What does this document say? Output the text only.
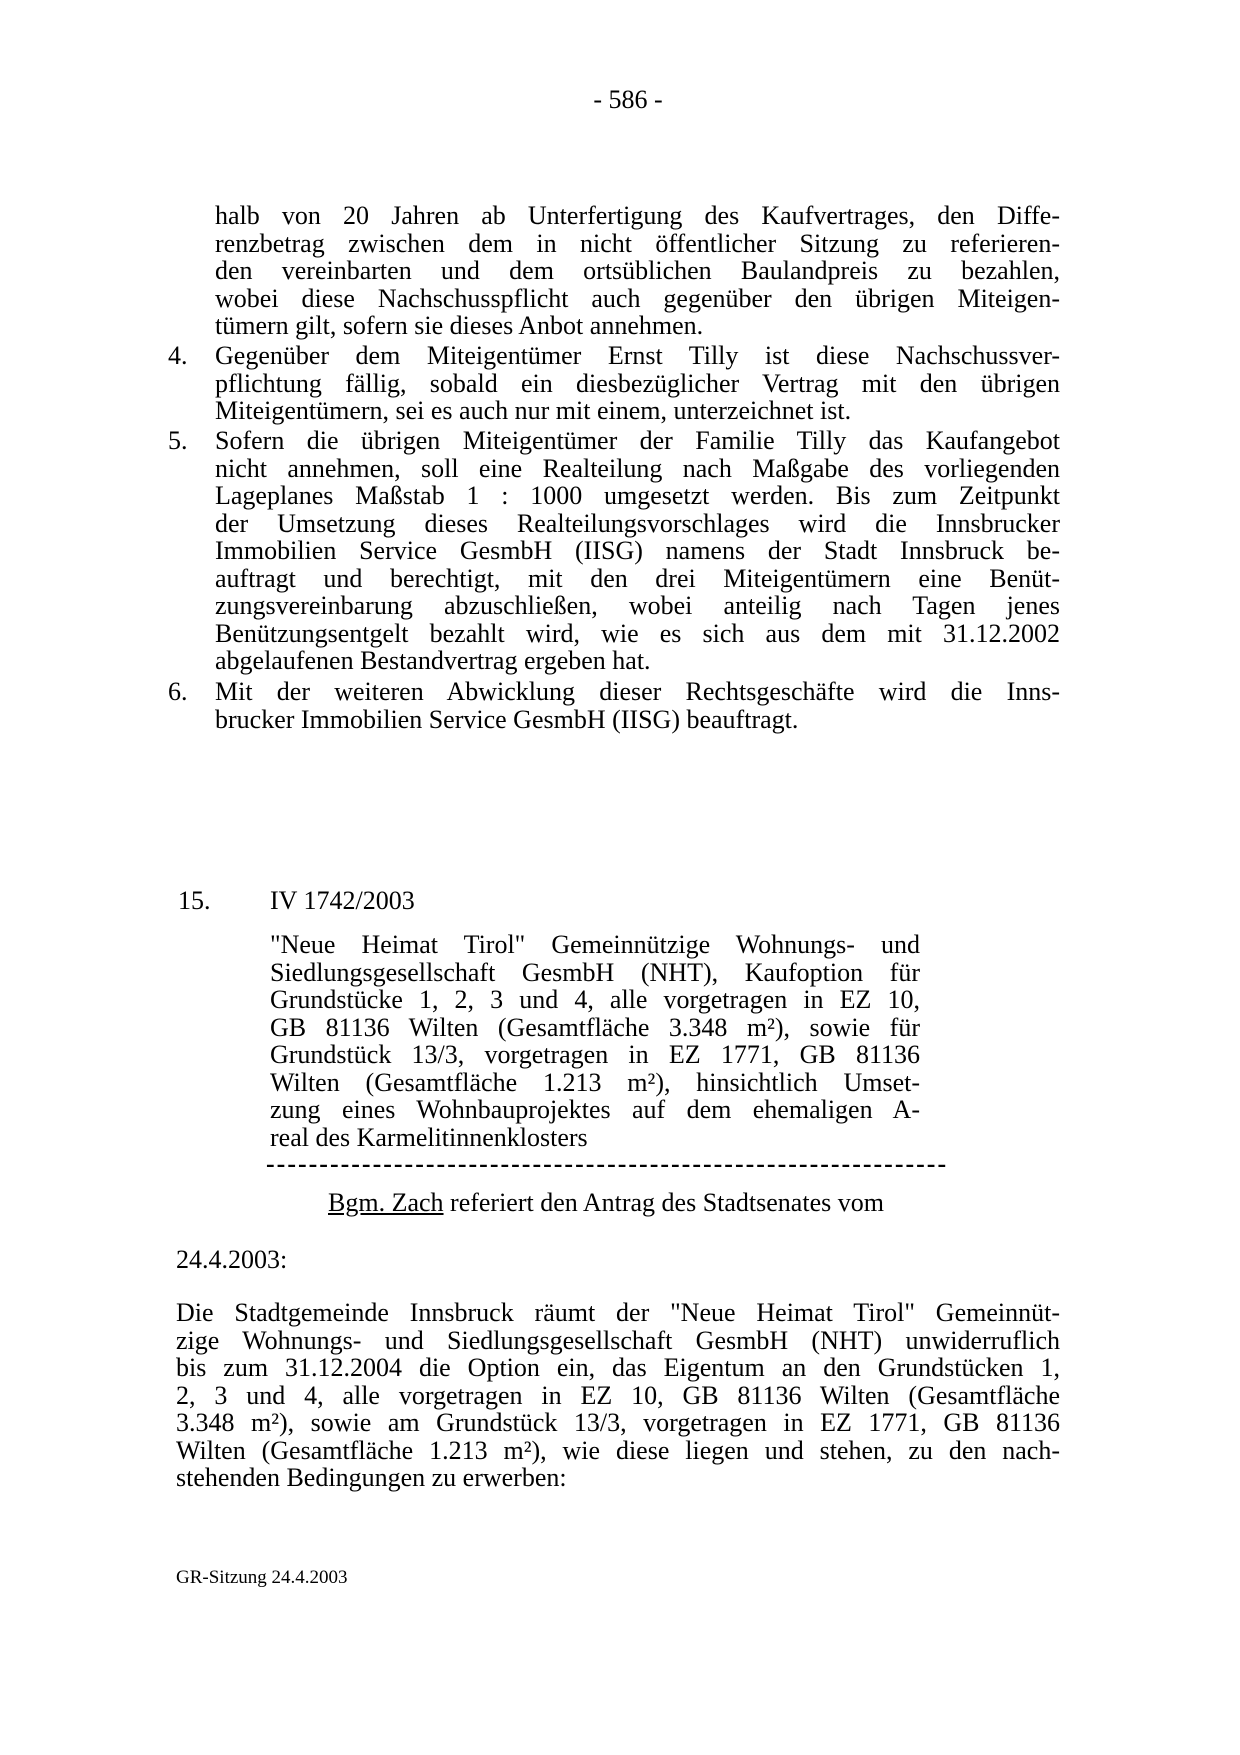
- 586 -
halb von 20 Jahren ab Unterfertigung des Kaufvertrages, den Diffe-
renzbetrag zwischen dem in nicht öffentlicher Sitzung zu referieren-
den vereinbarten und dem ortsüblichen Baulandpreis zu bezahlen,
wobei diese Nachschusspflicht auch gegenüber den übrigen Miteigen-
tümern gilt, sofern sie dieses Anbot annehmen.
4. Gegenüber dem Miteigentümer Ernst Tilly ist diese Nachschussver-
pflichtung fällig, sobald ein diesbezüglicher Vertrag mit den übrigen
Miteigentümern, sei es auch nur mit einem, unterzeichnet ist.
5. Sofern die übrigen Miteigentümer der Familie Tilly das Kaufangebot
nicht annehmen, soll eine Realteilung nach Maßgabe des vorliegenden
Lageplanes Maßstab 1 : 1000 umgesetzt werden. Bis zum Zeitpunkt
der Umsetzung dieses Realteilungsvorschlages wird die Innsbrucker
Immobilien Service GesmbH (IISG) namens der Stadt Innsbruck be-
auftragt und berechtigt, mit den drei Miteigentümern eine Benüt-
zungsvereinbarung abzuschließen, wobei anteilig nach Tagen jenes
Benützungsentgelt bezahlt wird, wie es sich aus dem mit 31.12.2002
abgelaufenen Bestandvertrag ergeben hat.
6. Mit der weiteren Abwicklung dieser Rechtsgeschäfte wird die Inns-
brucker Immobilien Service GesmbH (IISG) beauftragt.
15. IV 1742/2003
"Neue Heimat Tirol" Gemeinnützige Wohnungs- und
Siedlungsgesellschaft GesmbH (NHT), Kaufoption für
Grundstücke 1, 2, 3 und 4, alle vorgetragen in EZ 10,
GB 81136 Wilten (Gesamtfläche 3.348 m²), sowie für
Grundstück 13/3, vorgetragen in EZ 1771, GB 81136
Wilten (Gesamtfläche 1.213 m²), hinsichtlich Umset-
zung eines Wohnbauprojektes auf dem ehemaligen A-
real des Karmelitinnenklosters
----------------------------------------------------------------
Bgm. Zach referiert den Antrag des Stadtsenates vom
24.4.2003:
Die Stadtgemeinde Innsbruck räumt der "Neue Heimat Tirol" Gemeinnüt-
zige Wohnungs- und Siedlungsgesellschaft GesmbH (NHT) unwiderruflich
bis zum 31.12.2004 die Option ein, das Eigentum an den Grundstücken 1,
2, 3 und 4, alle vorgetragen in EZ 10, GB 81136 Wilten (Gesamtfläche
3.348 m²), sowie am Grundstück 13/3, vorgetragen in EZ 1771, GB 81136
Wilten (Gesamtfläche 1.213 m²), wie diese liegen und stehen, zu den nach-
stehenden Bedingungen zu erwerben:
GR-Sitzung 24.4.2003
